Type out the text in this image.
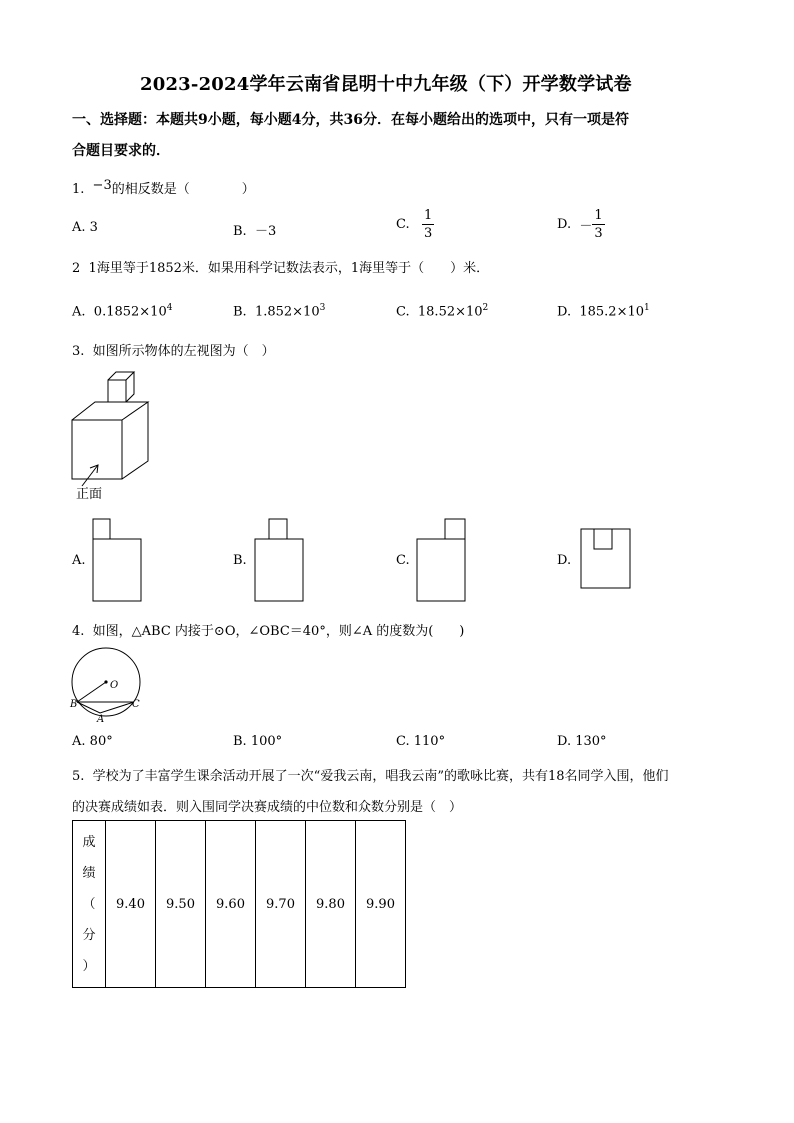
2023-2024学年云南省昆明十中九年级（下）开学数学试卷
一、选择题：本题共9小题，每小题4分，共36分．在每小题给出的选项中，只有一项是符
合题目要求的．
1. −3的相反数是（　　　　）
A. 3	B. －3	C. $\frac{1}{3}$	D. － $\frac{1}{3}$
2 1海里等于1852米．如果用科学记数法表示，1海里等于（　　）米．
A. $0.1852\times 10^4$	B. $1.852\times 10^3$	C. $18.52\times 10^2$	D. $185.2\times 10^1$
3. 如图所示物体的左视图为（　）
正面
A.	B.	C.	D.
4. 如图，△ABC 内接于⊙O，∠OBC＝40°，则∠A 的度数为(　　)
O
B	C
A
A. 80°	B. 100°	C. 110°	D. 130°
5. 学校为了丰富学生课余活动开展了一次“爱我云南，唱我云南”的歌咏比赛，共有18名同学入围，他们
的决赛成绩如表．则入围同学决赛成绩的中位数和众数分别是（　）
成
绩
（
分
）
	9.40	9.50	9.60	9.70	9.80	9.90
